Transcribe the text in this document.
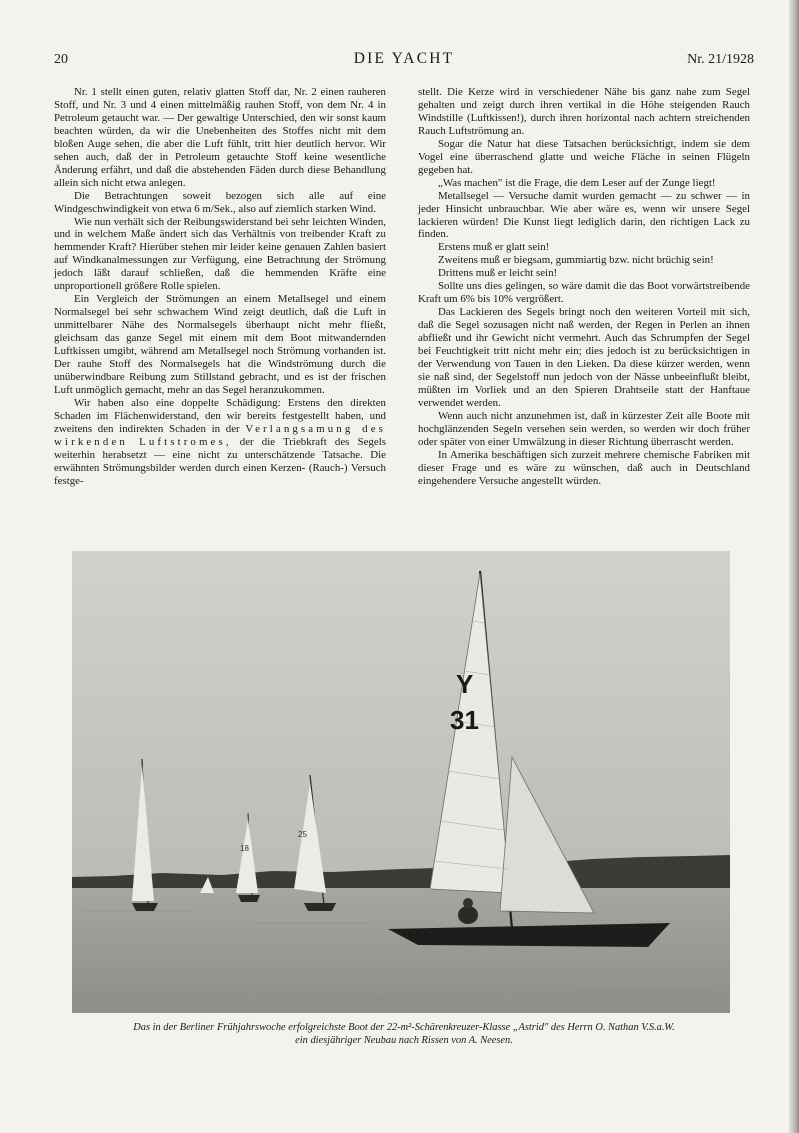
20	DIE YACHT	Nr. 21/1928

Nr. 1 stellt einen guten, relativ glatten Stoff dar, Nr. 2 einen rauheren Stoff, und Nr. 3 und 4 einen mittelmäßig rauhen Stoff, von dem Nr. 4 in Petroleum getaucht war. — Der gewaltige Unterschied, den wir sonst kaum beachten würden, da wir die Unebenheiten des Stoffes nicht mit dem bloßen Auge sehen, die aber die Luft fühlt, tritt hier deutlich hervor. Wir sehen auch, daß der in Petroleum getauchte Stoff keine wesentliche Änderung erfährt, und daß die abstehenden Fäden durch diese Behandlung allein sich nicht etwa anlegen.

Die Betrachtungen soweit bezogen sich alle auf eine Windgeschwindigkeit von etwa 6 m/Sek., also auf ziemlich starken Wind.

Wie nun verhält sich der Reibungswiderstand bei sehr leichten Winden, und in welchem Maße ändert sich das Verhältnis von treibender Kraft zu hemmender Kraft? Hierüber stehen mir leider keine genauen Zahlen basiert auf Windkanalmessungen zur Verfügung, eine Betrachtung der Strömung jedoch läßt darauf schließen, daß die hemmenden Kräfte eine unproportionell größere Rolle spielen.

Ein Vergleich der Strömungen an einem Metallsegel und einem Normalsegel bei sehr schwachem Wind zeigt deutlich, daß die Luft in unmittelbarer Nähe des Normalsegels überhaupt nicht mehr fließt, gleichsam das ganze Segel mit einem mit dem Boot mitwandernden Luftkissen umgibt, während am Metallsegel noch Strömung vorhanden ist. Der rauhe Stoff des Normalsegels hat die Windströmung durch die unüberwindbare Reibung zum Stillstand gebracht, und es ist der frischen Luft unmöglich gemacht, mehr an das Segel heranzukommen.

Wir haben also eine doppelte Schädigung: Erstens den direkten Schaden im Flächenwiderstand, den wir bereits festgestellt haben, und zweitens den indirekten Schaden in der Verlangsamung des wirkenden Luftstromes, der die Triebkraft des Segels weiterhin herabsetzt — eine nicht zu unterschätzende Tatsache. Die erwähnten Strömungsbilder werden durch einen Kerzen- (Rauch-) Versuch festge-

stellt. Die Kerze wird in verschiedener Nähe bis ganz nahe zum Segel gehalten und zeigt durch ihren vertikal in die Höhe steigenden Rauch Windstille (Luftkissen!), durch ihren horizontal nach achtern streichenden Rauch Luftströmung an.

Sogar die Natur hat diese Tatsachen berücksichtigt, indem sie dem Vogel eine überraschend glatte und weiche Fläche in seinen Flügeln gegeben hat.

„Was machen" ist die Frage, die dem Leser auf der Zunge liegt!

Metallsegel — Versuche damit wurden gemacht — zu schwer — in jeder Hinsicht unbrauchbar. Wie aber wäre es, wenn wir unsere Segel lackieren würden! Die Kunst liegt lediglich darin, den richtigen Lack zu finden.

Erstens muß er glatt sein!

Zweitens muß er biegsam, gummiartig bzw. nicht brüchig sein!

Drittens muß er leicht sein!

Sollte uns dies gelingen, so wäre damit die das Boot vorwärtstreibende Kraft um 6% bis 10% vergrößert.

Das Lackieren des Segels bringt noch den weiteren Vorteil mit sich, daß die Segel sozusagen nicht naß werden, der Regen in Perlen an ihnen abfließt und ihr Gewicht nicht vermehrt. Auch das Schrumpfen der Segel bei Feuchtigkeit tritt nicht mehr ein; dies jedoch ist zu berücksichtigen in der Verwendung von Tauen in den Lieken. Da diese kürzer werden, wenn sie naß sind, der Segelstoff nun jedoch von der Nässe unbeeinflußt bleibt, müßten im Vorliek und an den Spieren Drahtseile statt der Hanftaue verwendet werden.

Wenn auch nicht anzunehmen ist, daß in kürzester Zeit alle Boote mit hochglänzenden Segeln versehen sein werden, so werden wir doch früher oder später von einer Umwälzung in dieser Richtung überrascht werden.

In Amerika beschäftigen sich zurzeit mehrere chemische Fabriken mit dieser Frage und es wäre zu wünschen, daß auch in Deutschland eingehendere Versuche angestellt würden.

18
25
Y
31
Das in der Berliner Frühjahrswoche erfolgreichste Boot der 22-m²-Schärenkreuzer-Klasse „Astrid" des Herrn O. Nathan V.S.a.W.
ein diesjähriger Neubau nach Rissen von A. Neesen.
